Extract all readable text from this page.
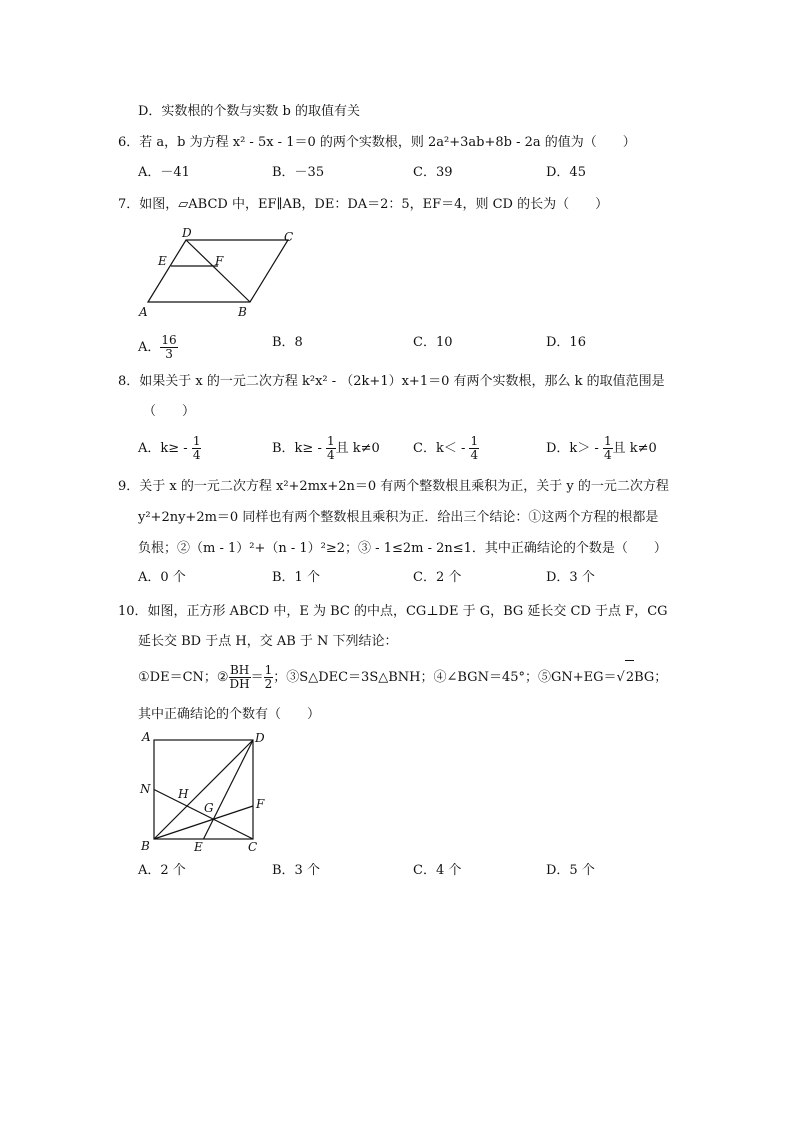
D．实数根的个数与实数 b 的取值有关
6．若 a，b 为方程 x² - 5x - 1＝0 的两个实数根，则 2a²+3ab+8b - 2a 的值为（　　）
A．－41	B．－35	C．39	D．45
7．如图，▱ABCD 中，EF∥AB，DE：DA＝2：5，EF＝4，则 CD 的长为（　　）
D	C
E	F
A	B
A． $\frac{16}{3}$	B．8	C．10	D．16
8．如果关于 x 的一元二次方程 k²x² - （2k+1）x+1＝0 有两个实数根，那么 k 的取值范围是
（　　）
A．$k\ge - \frac{1}{4}$	B．$k\ge - \frac{1}{4}$ 且 k≠0	C．$k< - \frac{1}{4}$	D．$k> - \frac{1}{4}$ 且 k≠0
9．关于 x 的一元二次方程 x²+2mx+2n＝0 有两个整数根且乘积为正，关于 y 的一元二次方程
y²+2ny+2m＝0 同样也有两个整数根且乘积为正．给出三个结论：①这两个方程的根都是
负根；②（m - 1）²+（n - 1）²≥2；③ - 1≤2m - 2n≤1．其中正确结论的个数是（　　）
A．0 个	B．1 个	C．2 个	D．3 个
10．如图，正方形 ABCD 中，E 为 BC 的中点，CG⊥DE 于 G，BG 延长交 CD 于点 F，CG
延长交 BD 于点 H，交 AB 于 N 下列结论：
①DE＝CN；② $\frac{BH}{DH} = \frac{1}{2}$ ；③S△DEC＝3S△BNH；④∠BGN＝45°；⑤GN+EG＝√2BG；
其中正确结论的个数有（　　）
A	D
N H
G	F
B	E	C
A．2 个	B．3 个	C．4 个	D．5 个
